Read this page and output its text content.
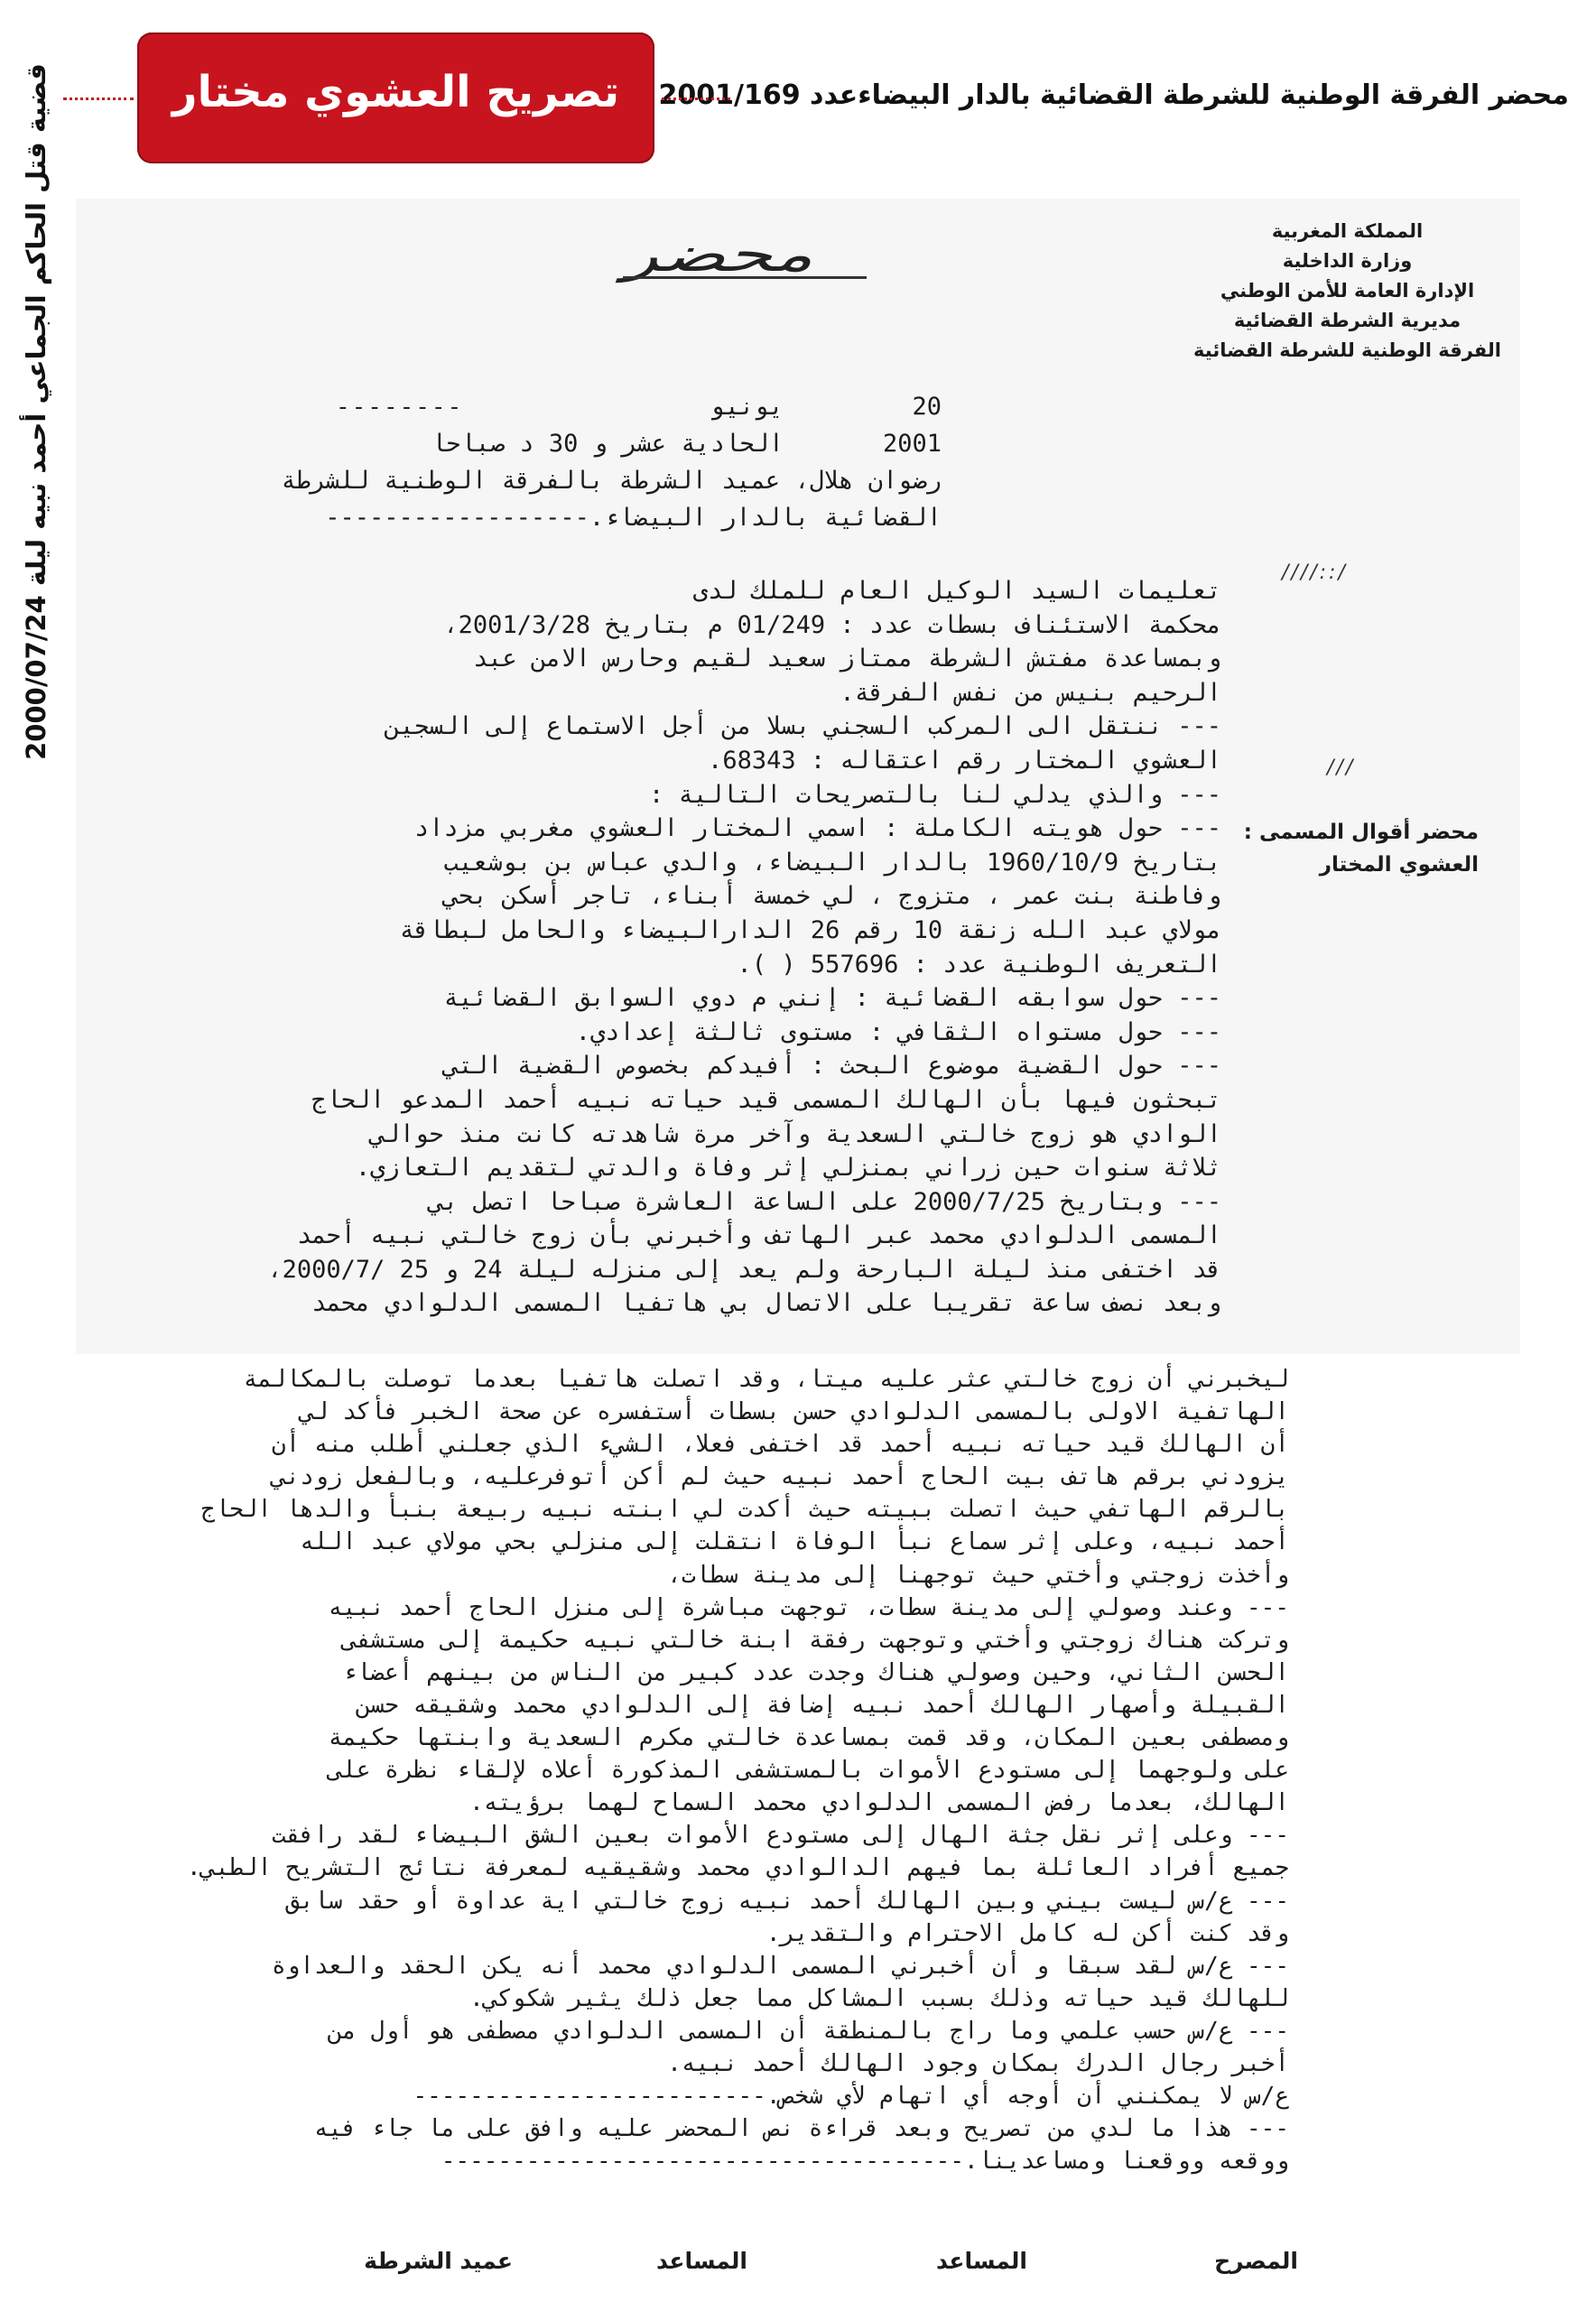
محضر الفرقة الوطنية للشرطة القضائية بالدار البيضاءعدد 2001/169
تصريح العشوي مختار
قضية قتل الحاكم الجماعي أحمد نبيه ليلة 2000/07/24	المملكة المغربية
وزارة الداخلية
الإدارة العامة للأمن الوطني
مديرية الشرطة القضائية
الفرقة الوطنية للشرطة القضائية
محضر
20
يونيو
--------
2001
الحادية عشر و 30 د صباحا
رضوان هلال، عميد الشرطة بالفرقة الوطنية للشرطة
القضائية بالدار البيضاء.------------------
////::/
///
محضر أقوال المسمى :
العشوي المختار
تعليمات السيد الوكيل العام للملك لدى
محكمة الاستئناف بسطات عدد : 01/249 م بتاريخ 2001/3/28،
وبمساعدة مفتش الشرطة ممتاز سعيد لقيم وحارس الامن عبد
الرحيم بنيس من نفس الفرقة.
--- ننتقل الى المركب السجني بسلا من أجل الاستماع إلى السجين
العشوي المختار رقم اعتقاله : 68343.
--- والذي يدلي لنا بالتصريحات التالية :
--- حول هويته الكاملة : اسمي المختار العشوي مغربي مزداد
بتاريخ 1960/10/9 بالدار البيضاء، والدي عباس بن بوشعيب
وفاطنة بنت عمر ، متزوج ، لي خمسة أبناء، تاجر أسكن بحي
مولاي عبد الله زنقة 10 رقم 26 الدارالبيضاء والحامل لبطاقة
التعريف الوطنية عدد : 557696 ( ).
--- حول سوابقه القضائية : إنني م دوي السوابق القضائية
--- حول مستواه الثقافي : مستوى ثالثة إعدادي.
--- حول القضية موضوع البحث : أفيدكم بخصوص القضية التي
تبحثون فيها بأن الهالك المسمى قيد حياته نبيه أحمد المدعو الحاج
الوادي هو زوج خالتي السعدية وآخر مرة شاهدته كانت منذ حوالي
ثلاثة سنوات حين زراني بمنزلي إثر وفاة والدتي لتقديم التعازي.
--- وبتاريخ 2000/7/25 على الساعة العاشرة صباحا اتصل بي
المسمى الدلوادي محمد عبر الهاتف وأخبرني بأن زوج خالتي نبيه أحمد
قد اختفى منذ ليلة البارحة ولم يعد إلى منزله ليلة 24 و 25 /2000/7،
وبعد نصف ساعة تقريبا على الاتصال بي هاتفيا المسمى الدلوادي محمد
ليخبرني أن زوج خالتي عثر عليه ميتا، وقد اتصلت هاتفيا بعدما توصلت بالمكالمة
الهاتفية الاولى بالمسمى الدلوادي حسن بسطات أستفسره عن صحة الخبر فأكد لي
أن الهالك قيد حياته نبيه أحمد قد اختفى فعلا، الشيء الذي جعلني أطلب منه أن
يزودني برقم هاتف بيت الحاج أحمد نبيه حيث لم أكن أتوفرعليه، وبالفعل زودني
بالرقم الهاتفي حيث اتصلت ببيته حيث أكدت لي ابنته نبيه ربيعة بنبأ والدها الحاج
أحمد نبيه، وعلى إثر سماع نبأ الوفاة انتقلت إلى منزلي بحي مولاي عبد الله
وأخذت زوجتي وأختي حيث توجهنا إلى مدينة سطات،
--- وعند وصولي إلى مدينة سطات، توجهت مباشرة إلى منزل الحاج أحمد نبيه
وتركت هناك زوجتي وأختي وتوجهت رفقة ابنة خالتي نبيه حكيمة إلى مستشفى
الحسن الثاني، وحين وصولي هناك وجدت عدد كبير من الناس من بينهم أعضاء
القبيلة وأصهار الهالك أحمد نبيه إضافة إلى الدلوادي محمد وشقيقه حسن
ومصطفى بعين المكان، وقد قمت بمساعدة خالتي مكرم السعدية وابنتها حكيمة
على ولوجهما إلى مستودع الأموات بالمستشفى المذكورة أعلاه لإلقاء نظرة على
الهالك، بعدما رفض المسمى الدلوادي محمد السماح لهما برؤيته.
--- وعلى إثر نقل جثة الهال إلى مستودع الأموات بعين الشق البيضاء لقد رافقت
جميع أفراد العائلة بما فيهم الدالوادي محمد وشقيقيه لمعرفة نتائج التشريح الطبي.
--- ع/س ليست بيني وبين الهالك أحمد نبيه زوج خالتي اية عداوة أو حقد سابق
وقد كنت أكن له كامل الاحترام والتقدير.
--- ع/س لقد سبقا و أن أخبرني المسمى الدلوادي محمد أنه يكن الحقد والعداوة
للهالك قيد حياته وذلك بسبب المشاكل مما جعل ذلك يثير شكوكي.
--- ع/س حسب علمي وما راج بالمنطقة أن المسمى الدلوادي مصطفى هو أول من
أخبر رجال الدرك بمكان وجود الهالك أحمد نبيه.
ع/س لا يمكنني أن أوجه أي اتهام لأي شخص.-------------------------
--- هذا ما لدي من تصريح وبعد قراءة نص المحضر عليه وافق على ما جاء فيه
ووقعه ووقعنا ومساعدينا.-------------------------------------
المصرح
المساعد
المساعد
عميد الشرطة
